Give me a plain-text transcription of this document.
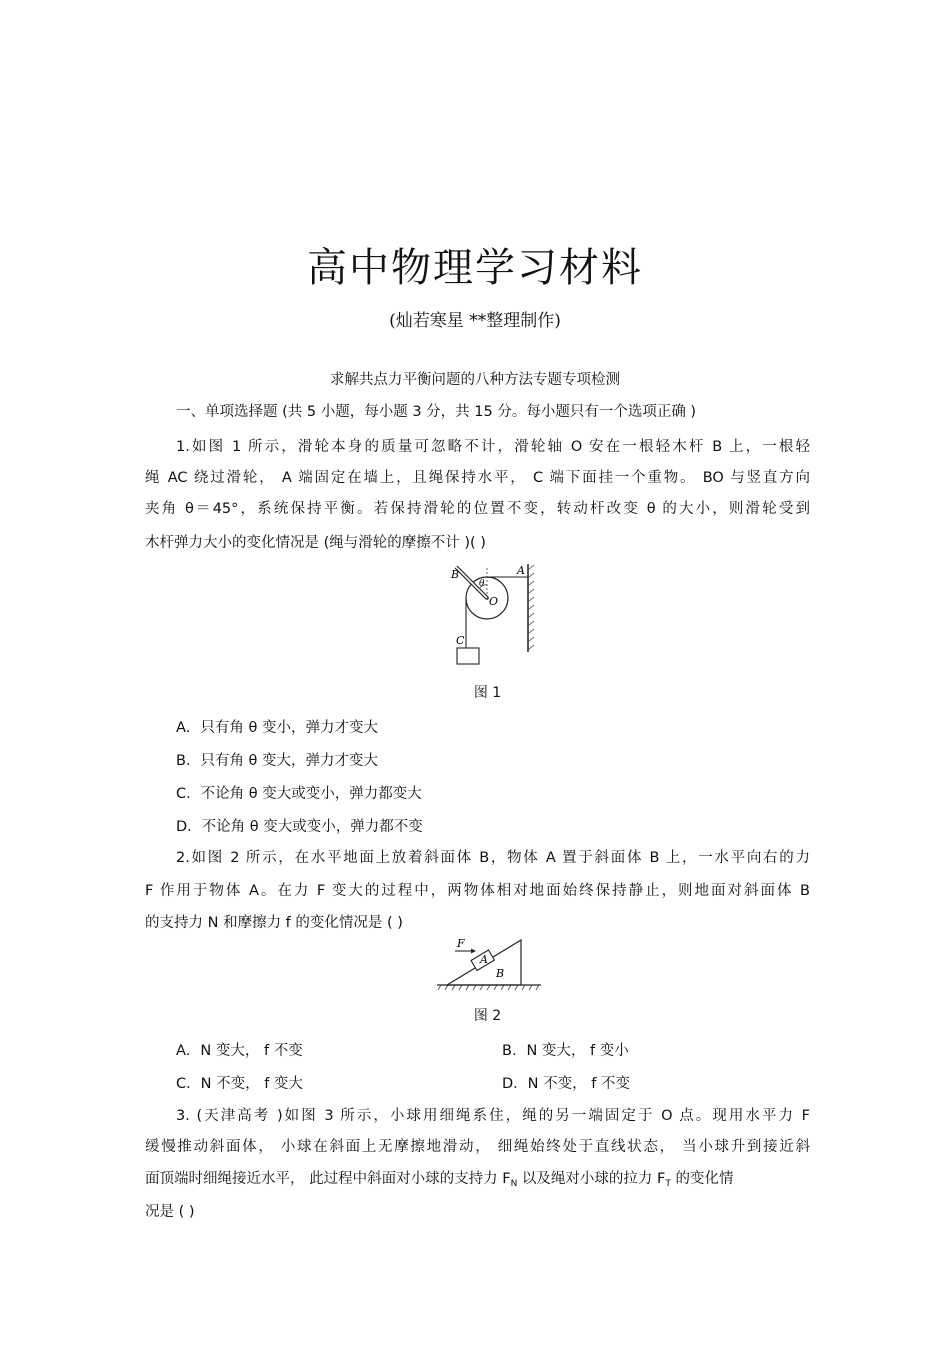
高中物理学习材料
(灿若寒星 **整理制作)
求解共点力平衡问题的八种方法专题专项检测
一、单项选择题 (共 5 小题，每小题 3 分，共 15 分。每小题只有一个选项正确 )
1.如图 1 所示，滑轮本身的质量可忽略不计，滑轮轴 O 安在一根轻木杆 B 上，一根轻
绳 AC 绕过滑轮， A 端固定在墙上，且绳保持水平， C 端下面挂一个重物。 BO 与竖直方向
夹角 θ＝45°，系统保持平衡。若保持滑轮的位置不变，转动杆改变 θ 的大小，则滑轮受到
木杆弹力大小的变化情况是 (绳与滑轮的摩擦不计 )( )
B	A
O
C
θ
图 1
A．只有角 θ 变小，弹力才变大
B．只有角 θ 变大，弹力才变大
C．不论角 θ 变大或变小，弹力都变大
D．不论角 θ 变大或变小，弹力都不变
2.如图 2 所示，在水平地面上放着斜面体 B，物体 A 置于斜面体 B 上，一水平向右的力
F 作用于物体 A。在力 F 变大的过程中，两物体相对地面始终保持静止，则地面对斜面体 B
的支持力 N 和摩擦力 f 的变化情况是 ( )
F
A
B
图 2
A．N 变大， f 不变	B．N 变大， f 变小
C．N 不变， f 变大	D．N 不变， f 不变
3. (天津高考 )如图 3 所示，小球用细绳系住，绳的另一端固定于 O 点。现用水平力 F
缓慢推动斜面体， 小球在斜面上无摩擦地滑动， 细绳始终处于直线状态， 当小球升到接近斜
面顶端时细绳接近水平， 此过程中斜面对小球的支持力 $F_N$ 以及绳对小球的拉力 $F_T$ 的变化情
况是 ( )
